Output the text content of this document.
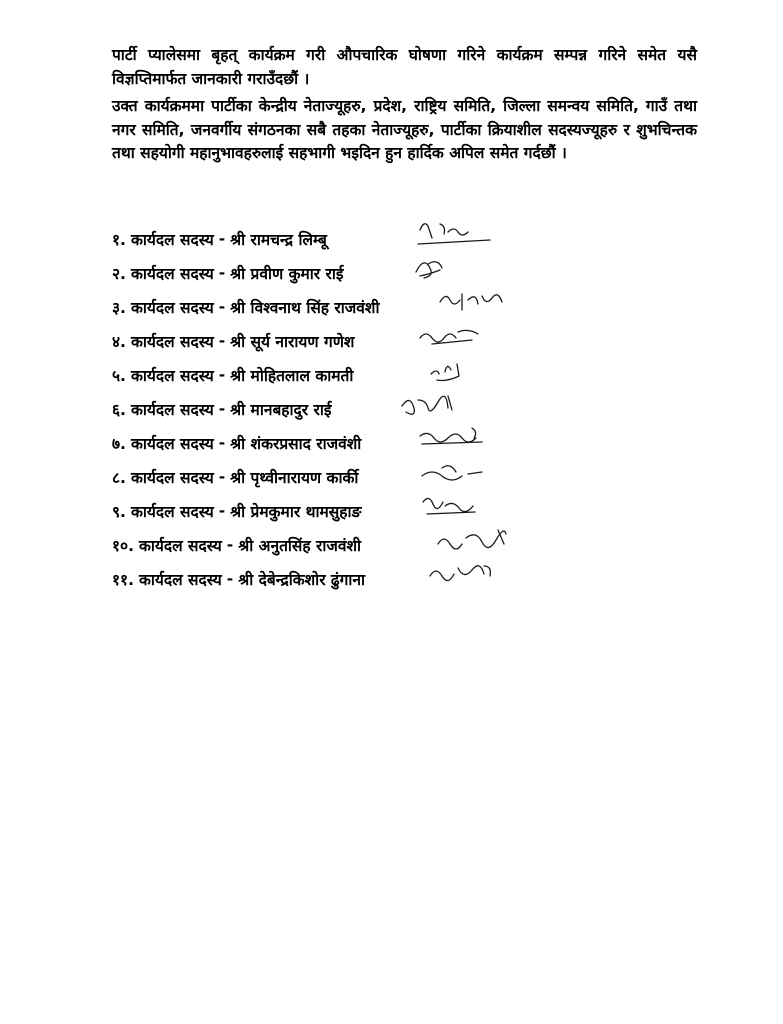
पार्टी प्यालेसमा बृहत् कार्यक्रम गरी औपचारिक घोषणा गरिने कार्यक्रम सम्पन्न गरिने समेत यसै विज्ञप्तिमार्फत जानकारी गराउँदछौं ।

उक्त कार्यक्रममा पार्टीका केन्द्रीय नेताज्यूहरु, प्रदेश, राष्ट्रिय समिति, जिल्ला समन्वय समिति, गाउँ तथा नगर समिति, जनवर्गीय संगठनका सबै तहका नेताज्यूहरु, पार्टीका क्रियाशील सदस्यज्यूहरु र शुभचिन्तक तथा सहयोगी महानुभावहरुलाई सहभागी भइदिन हुन हार्दिक अपिल समेत गर्दछौं ।

१. कार्यदल सदस्य - श्री रामचन्द्र लिम्बू
२. कार्यदल सदस्य - श्री प्रवीण कुमार राई
३. कार्यदल सदस्य - श्री विश्वनाथ सिंह राजवंशी
४. कार्यदल सदस्य - श्री सूर्य नारायण गणेश
५. कार्यदल सदस्य - श्री मोहितलाल कामती
६. कार्यदल सदस्य - श्री मानबहादुर राई
७. कार्यदल सदस्य - श्री शंकरप्रसाद राजवंशी
८. कार्यदल सदस्य - श्री पृथ्वीनारायण कार्की
९. कार्यदल सदस्य - श्री प्रेमकुमार थामसुहाङ
१०. कार्यदल सदस्य - श्री अनुतसिंह राजवंशी
११. कार्यदल सदस्य - श्री देबेन्द्रकिशोर ढुंगाना
